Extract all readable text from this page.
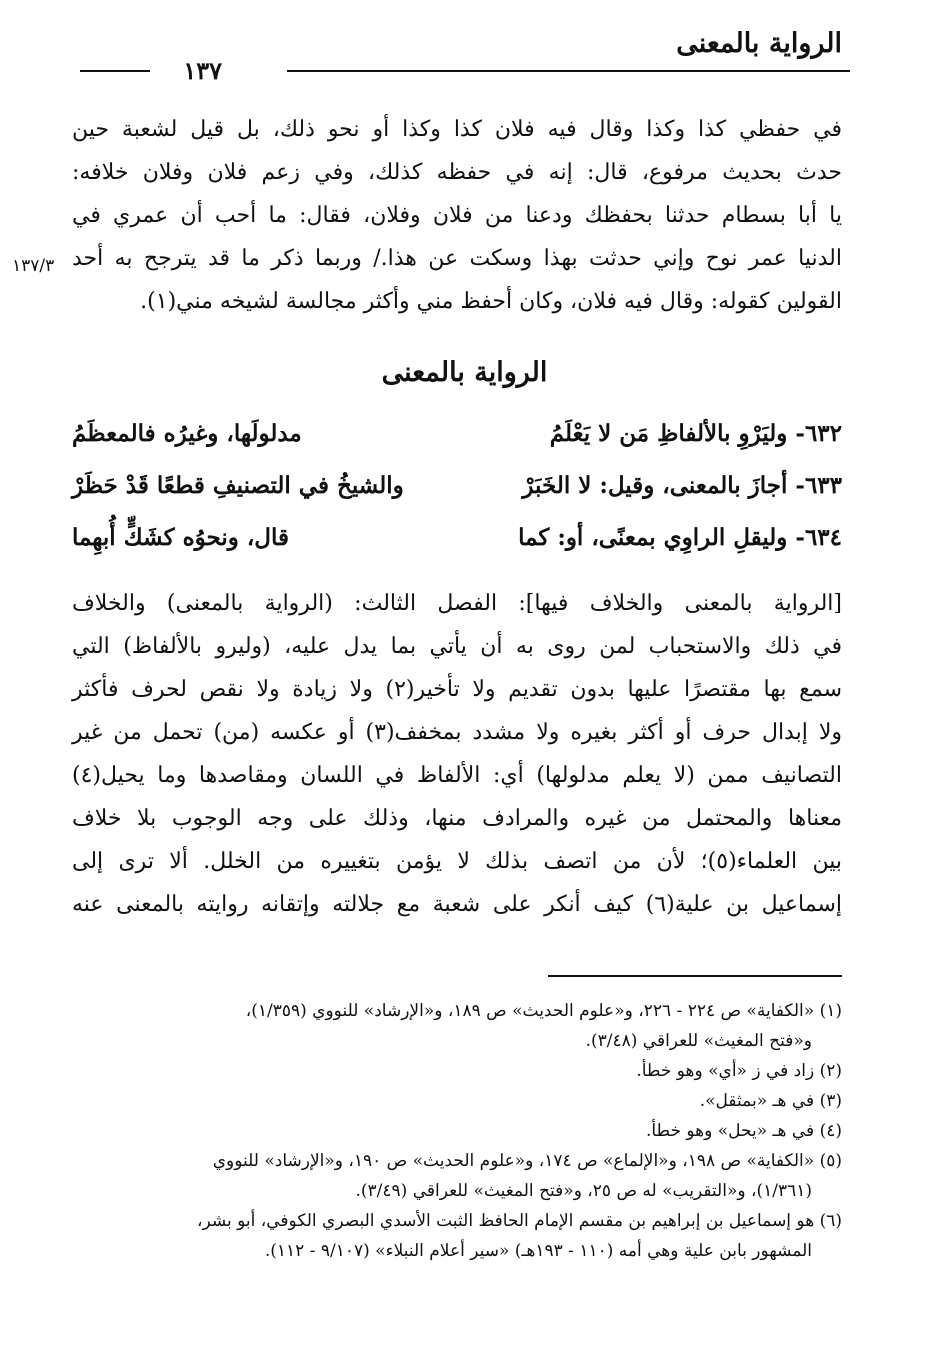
الرواية بالمعنى
١٣٧
في حفظي كذا وكذا وقال فيه فلان كذا وكذا أو نحو ذلك، بل قيل لشعبة حين
حدث بحديث مرفوع، قال: إنه في حفظه كذلك، وفي زعم فلان وفلان خلافه:
يا أبا بسطام حدثنا بحفظك ودعنا من فلان وفلان، فقال: ما أحب أن عمري في
الدنيا عمر نوح وإني حدثت بهذا وسكت عن هذا./ وربما ذكر ما قد يترجح به أحد
القولين كقوله: وقال فيه فلان، وكان أحفظ مني وأكثر مجالسة لشيخه مني(١).
١٣٧/٣
الرواية بالمعنى
٦٣٢- وليَرْوِ بالألفاظِ مَن لا يَعْلَمُ
مدلولَها، وغيرُه فالمعظَمُ
٦٣٣- أجازَ بالمعنى، وقيل: لا الخَبَرْ
والشيخُ في التصنيفِ قطعًا قَدْ حَظَرْ
٦٣٤- وليقلِ الراوِي بمعنًى، أو: كما
قال، ونحوُه كشَكٍّ أُبهِما
[الرواية بالمعنى والخلاف فيها]: الفصل الثالث: (الرواية بالمعنى) والخلاف
في ذلك والاستحباب لمن روى به أن يأتي بما يدل عليه، (وليرو بالألفاظ) التي
سمع بها مقتصرًا عليها بدون تقديم ولا تأخير(٢) ولا زيادة ولا نقص لحرف فأكثر
ولا إبدال حرف أو أكثر بغيره ولا مشدد بمخفف(٣) أو عكسه (من) تحمل من غير
التصانيف ممن (لا يعلم مدلولها) أي: الألفاظ في اللسان ومقاصدها وما يحيل(٤)
معناها والمحتمل من غيره والمرادف منها، وذلك على وجه الوجوب بلا خلاف
بين العلماء(٥)؛ لأن من اتصف بذلك لا يؤمن بتغييره من الخلل. ألا ترى إلى
إسماعيل بن علية(٦) كيف أنكر على شعبة مع جلالته وإتقانه روايته بالمعنى عنه
(١) «الكفاية» ص ٢٢٤ - ٢٢٦، و«علوم الحديث» ص ١٨٩، و«الإرشاد» للنووي (١/٣٥٩)،
و«فتح المغيث» للعراقي (٣/٤٨).
(٢) زاد في ز «أي» وهو خطأ.
(٣) في هـ «بمثقل».
(٤) في هـ «يحل» وهو خطأ.
(٥) «الكفاية» ص ١٩٨، و«الإلماع» ص ١٧٤، و«علوم الحديث» ص ١٩٠، و«الإرشاد» للنووي
(١/٣٦١)، و«التقريب» له ص ٢٥، و«فتح المغيث» للعراقي (٣/٤٩).
(٦) هو إسماعيل بن إبراهيم بن مقسم الإمام الحافظ الثبت الأسدي البصري الكوفي، أبو بشر،
المشهور بابن علية وهي أمه (١١٠ - ١٩٣هـ) «سير أعلام النبلاء» (٩/١٠٧ - ١١٢).
